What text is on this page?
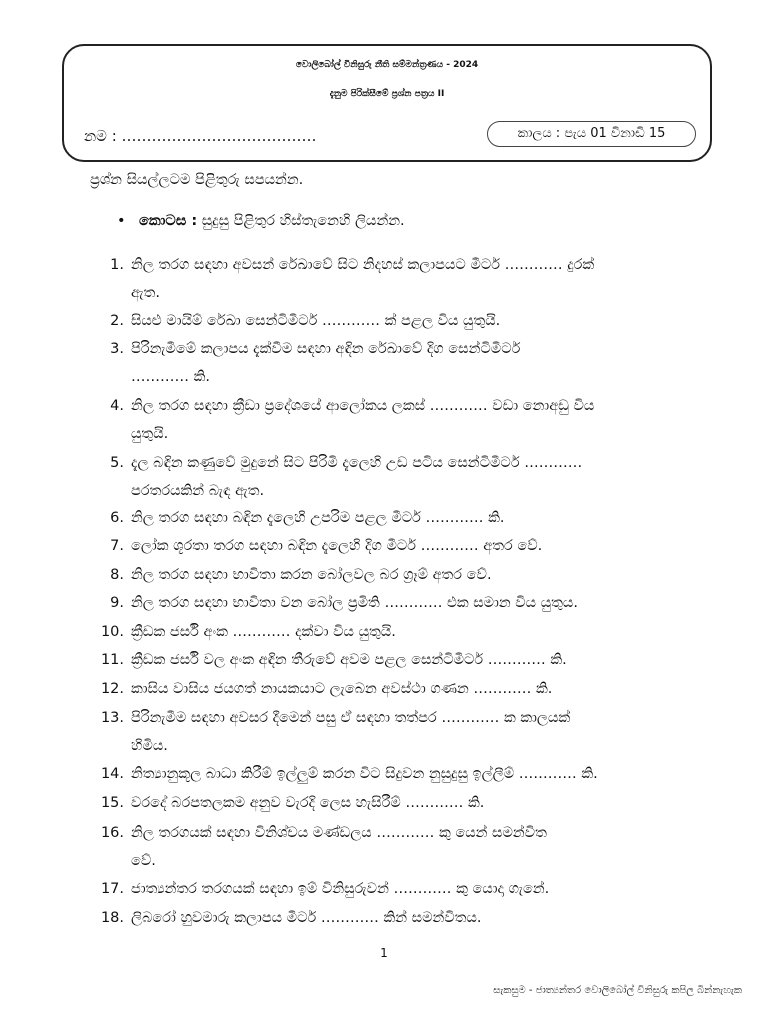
වොලිබෝල් විනිසුරු නීති සම්මන්ත්‍රණය - 2024
දැනුම පිරික්සීමේ ප්‍රශ්න පත්‍රය II
නම : …………………………………	කාලය ‍: පැය 01 විනාඩි 15
ප්‍රශ්න සියල්ලටම පිළිතුරු සපයන්න.
• කොටස ‍: සුදුසු පිළිතුර හිස්තැනෙහි ලියන්න.
1. නිල තරග සඳහා අවසන් රේඛාවේ සිට නිදහස් කලාපයට මීටර් ………… දුරක්
ඇත.
2. සියළු මායිම් රේඛා සෙන්ටිමීටර් ………… ක් පළල විය යුතුයි.
3. පිරිනැමීමේ කලාපය දැක්වීම සඳහා අඳින රේඛාවේ දිග සෙන්ටිමීටර්
………… කි.
4. නිල තරග සඳහා ක්‍රීඩා ප්‍රදේශයේ ආලෝකය ලකස් ………… වඩා නොඅඩු විය
යුතුයි.
5. දැල බඳින කණුවේ මුදුනේ සිට පිරිමි දැලෙහි උඩ පටිය සෙන්ටිමීටර් …………
පරතරයකින් බැඳ ඇත.
6. නිල තරග සඳහා බඳින දැලෙහි උපරිම පළල මීටර් ………… කි.
7. ලෝක ශූරතා තරග සඳහා බඳින දැලෙහි දිග මීටර් ………… අතර වේ.
8. නිල තරග සඳහා භාවිතා කරන බෝලවල බර ග්‍රෑම් අතර වේ.
9. නිල තරග සඳහා භාවිතා වන බෝල ප්‍රමිති ………… එක සමාන විය යුතුය.
10. ක්‍රීඩක ජර්සි අංක ………… දක්වා විය යුතුයි.
11. ක්‍රීඩක ජර්සි වල අංක අඳින තීරුවේ අවම පළල සෙන්ටිමීටර් ………… කි.
12. කාසිය වාසිය ජයගත් නායකයාට ලැබෙන අවස්ථා ගණන ………… කි.
13. පිරිනැමීම සඳහා අවසර දීමෙන් පසු ඒ සඳහා තත්පර ………… ක කාලයක්
හිමිය.
14. නිත්‍යානුකූල බාධා කිරීම් ඉල්ලුම් කරන විට සිදුවන නුසුදුසු ඉල්ලීම් ………… කි.
15. වරදේ බරපතලකම අනුව වැරදි ලෙස හැසිරීම් ………… කි.
16. නිල තරගයක් සඳහා විනිශ්චය මණ්ඩලය ………… කු යෙන් සමන්විත
වේ.
17. ජාත්‍යන්තර තරගයක් සඳහා ඉම් විනිසුරුවන් ………… කු යොදා ගැනේ.
18. ලිබරෝ හුවමාරු කලාපය මීටර් ………… කින් සමන්විතය.
1
සැකසුම - ජාත්‍යන්තර වොලිබෝල් විනිසුරු කපිල බින්නැහැක
